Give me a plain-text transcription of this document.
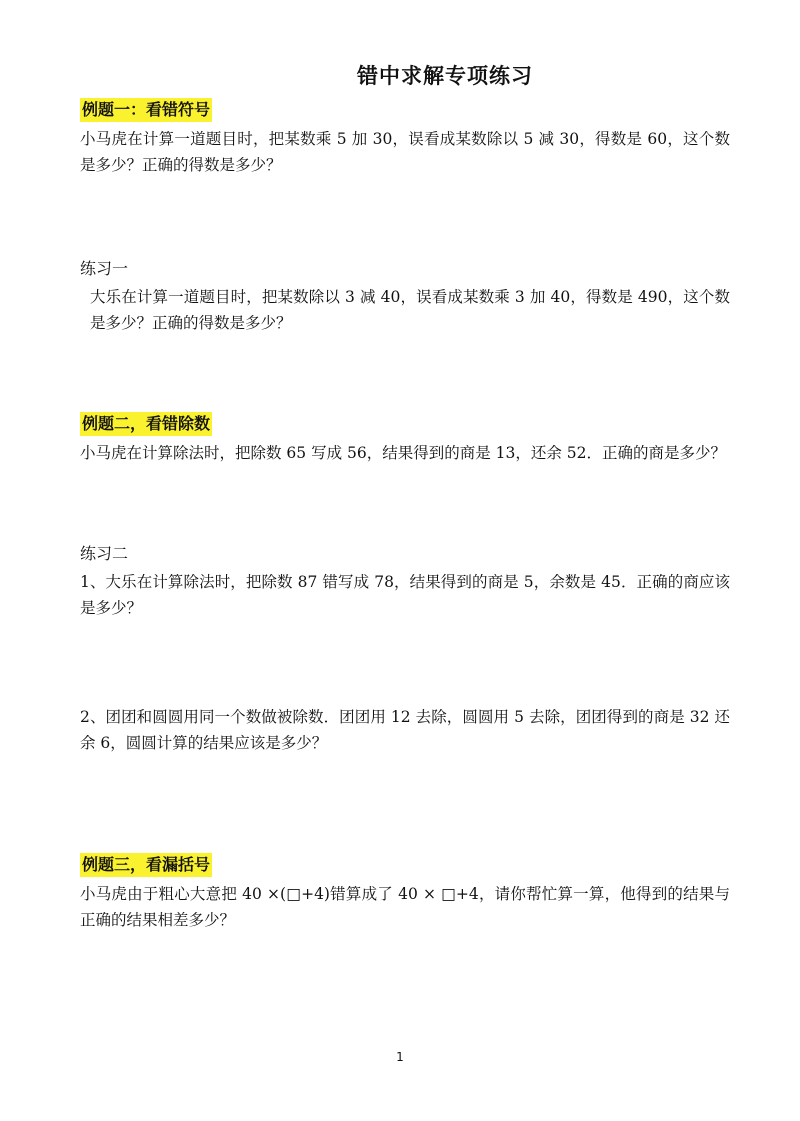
错中求解专项练习
例题一：看错符号

小马虎在计算一道题目时，把某数乘 5 加 30，误看成某数除以 5 减 30，得数是 60，这个数是多少？正确的得数是多少？

练习一

大乐在计算一道题目时，把某数除以 3 减 40，误看成某数乘 3 加 40，得数是 490，这个数是多少？正确的得数是多少？

例题二，看错除数

小马虎在计算除法时，把除数 65 写成 56，结果得到的商是 13，还余 52．正确的商是多少？

练习二

1、大乐在计算除法时，把除数 87 错写成 78，结果得到的商是 5，余数是 45．正确的商应该是多少？

2、团团和圆圆用同一个数做被除数．团团用 12 去除，圆圆用 5 去除，团团得到的商是 32 还余 6，圆圆计算的结果应该是多少？

例题三，看漏括号

小马虎由于粗心大意把 40 ×(□+4)错算成了 40 × □+4，请你帮忙算一算，他得到的结果与正确的结果相差多少？

1
